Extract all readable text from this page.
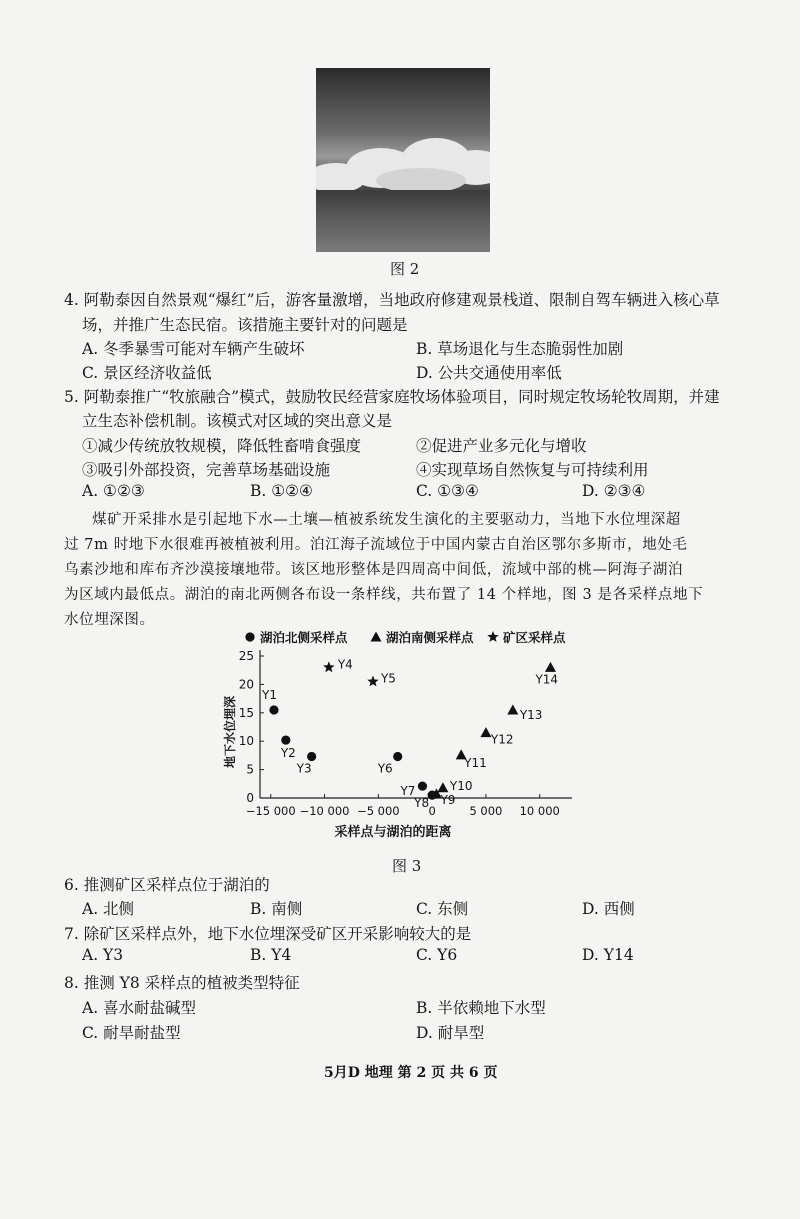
图 2
4. 阿勒泰因自然景观“爆红”后，游客量激增，当地政府修建观景栈道、限制自驾车辆进入核心草
场，并推广生态民宿。该措施主要针对的问题是
A. 冬季暴雪可能对车辆产生破坏	B. 草场退化与生态脆弱性加剧
C. 景区经济收益低	D. 公共交通使用率低
5. 阿勒泰推广“牧旅融合”模式，鼓励牧民经营家庭牧场体验项目，同时规定牧场轮牧周期，并建
立生态补偿机制。该模式对区域的突出意义是
①减少传统放牧规模，降低牲畜啃食强度	②促进产业多元化与增收
③吸引外部投资，完善草场基础设施	④实现草场自然恢复与可持续利用
A. ①②③	B. ①②④	C. ①③④	D. ②③④
煤矿开采排水是引起地下水—土壤—植被系统发生演化的主要驱动力，当地下水位埋深超
过 7m 时地下水很难再被植被利用。泊江海子流域位于中国内蒙古自治区鄂尔多斯市，地处毛
乌素沙地和库布齐沙漠接壤地带。该区地形整体是四周高中间低，流域中部的桃—阿海子湖泊
为区域内最低点。湖泊的南北两侧各布设一条样线，共布置了 14 个样地，图 3 是各采样点地下
水位埋深图。
湖泊北侧采样点	湖泊南侧采样点 矿区采样点
0
5
10
15
20
25
−15 000 −10 000 −5 000	0	5 000 10 000
Y1
Y2
Y3
Y4
Y5
Y6
Y7
Y8 Y9
Y10
Y11
Y12
Y13
Y14
采样点与湖泊的距离
地下水位埋深
图 3
6. 推测矿区采样点位于湖泊的
A. 北侧	B. 南侧	C. 东侧	D. 西侧
7. 除矿区采样点外，地下水位埋深受矿区开采影响较大的是
A. Y3	B. Y4	C. Y6	D. Y14
8. 推测 Y8 采样点的植被类型特征
A. 喜水耐盐碱型	B. 半依赖地下水型
C. 耐旱耐盐型	D. 耐旱型
5月D 地理 第 2 页 共 6 页
